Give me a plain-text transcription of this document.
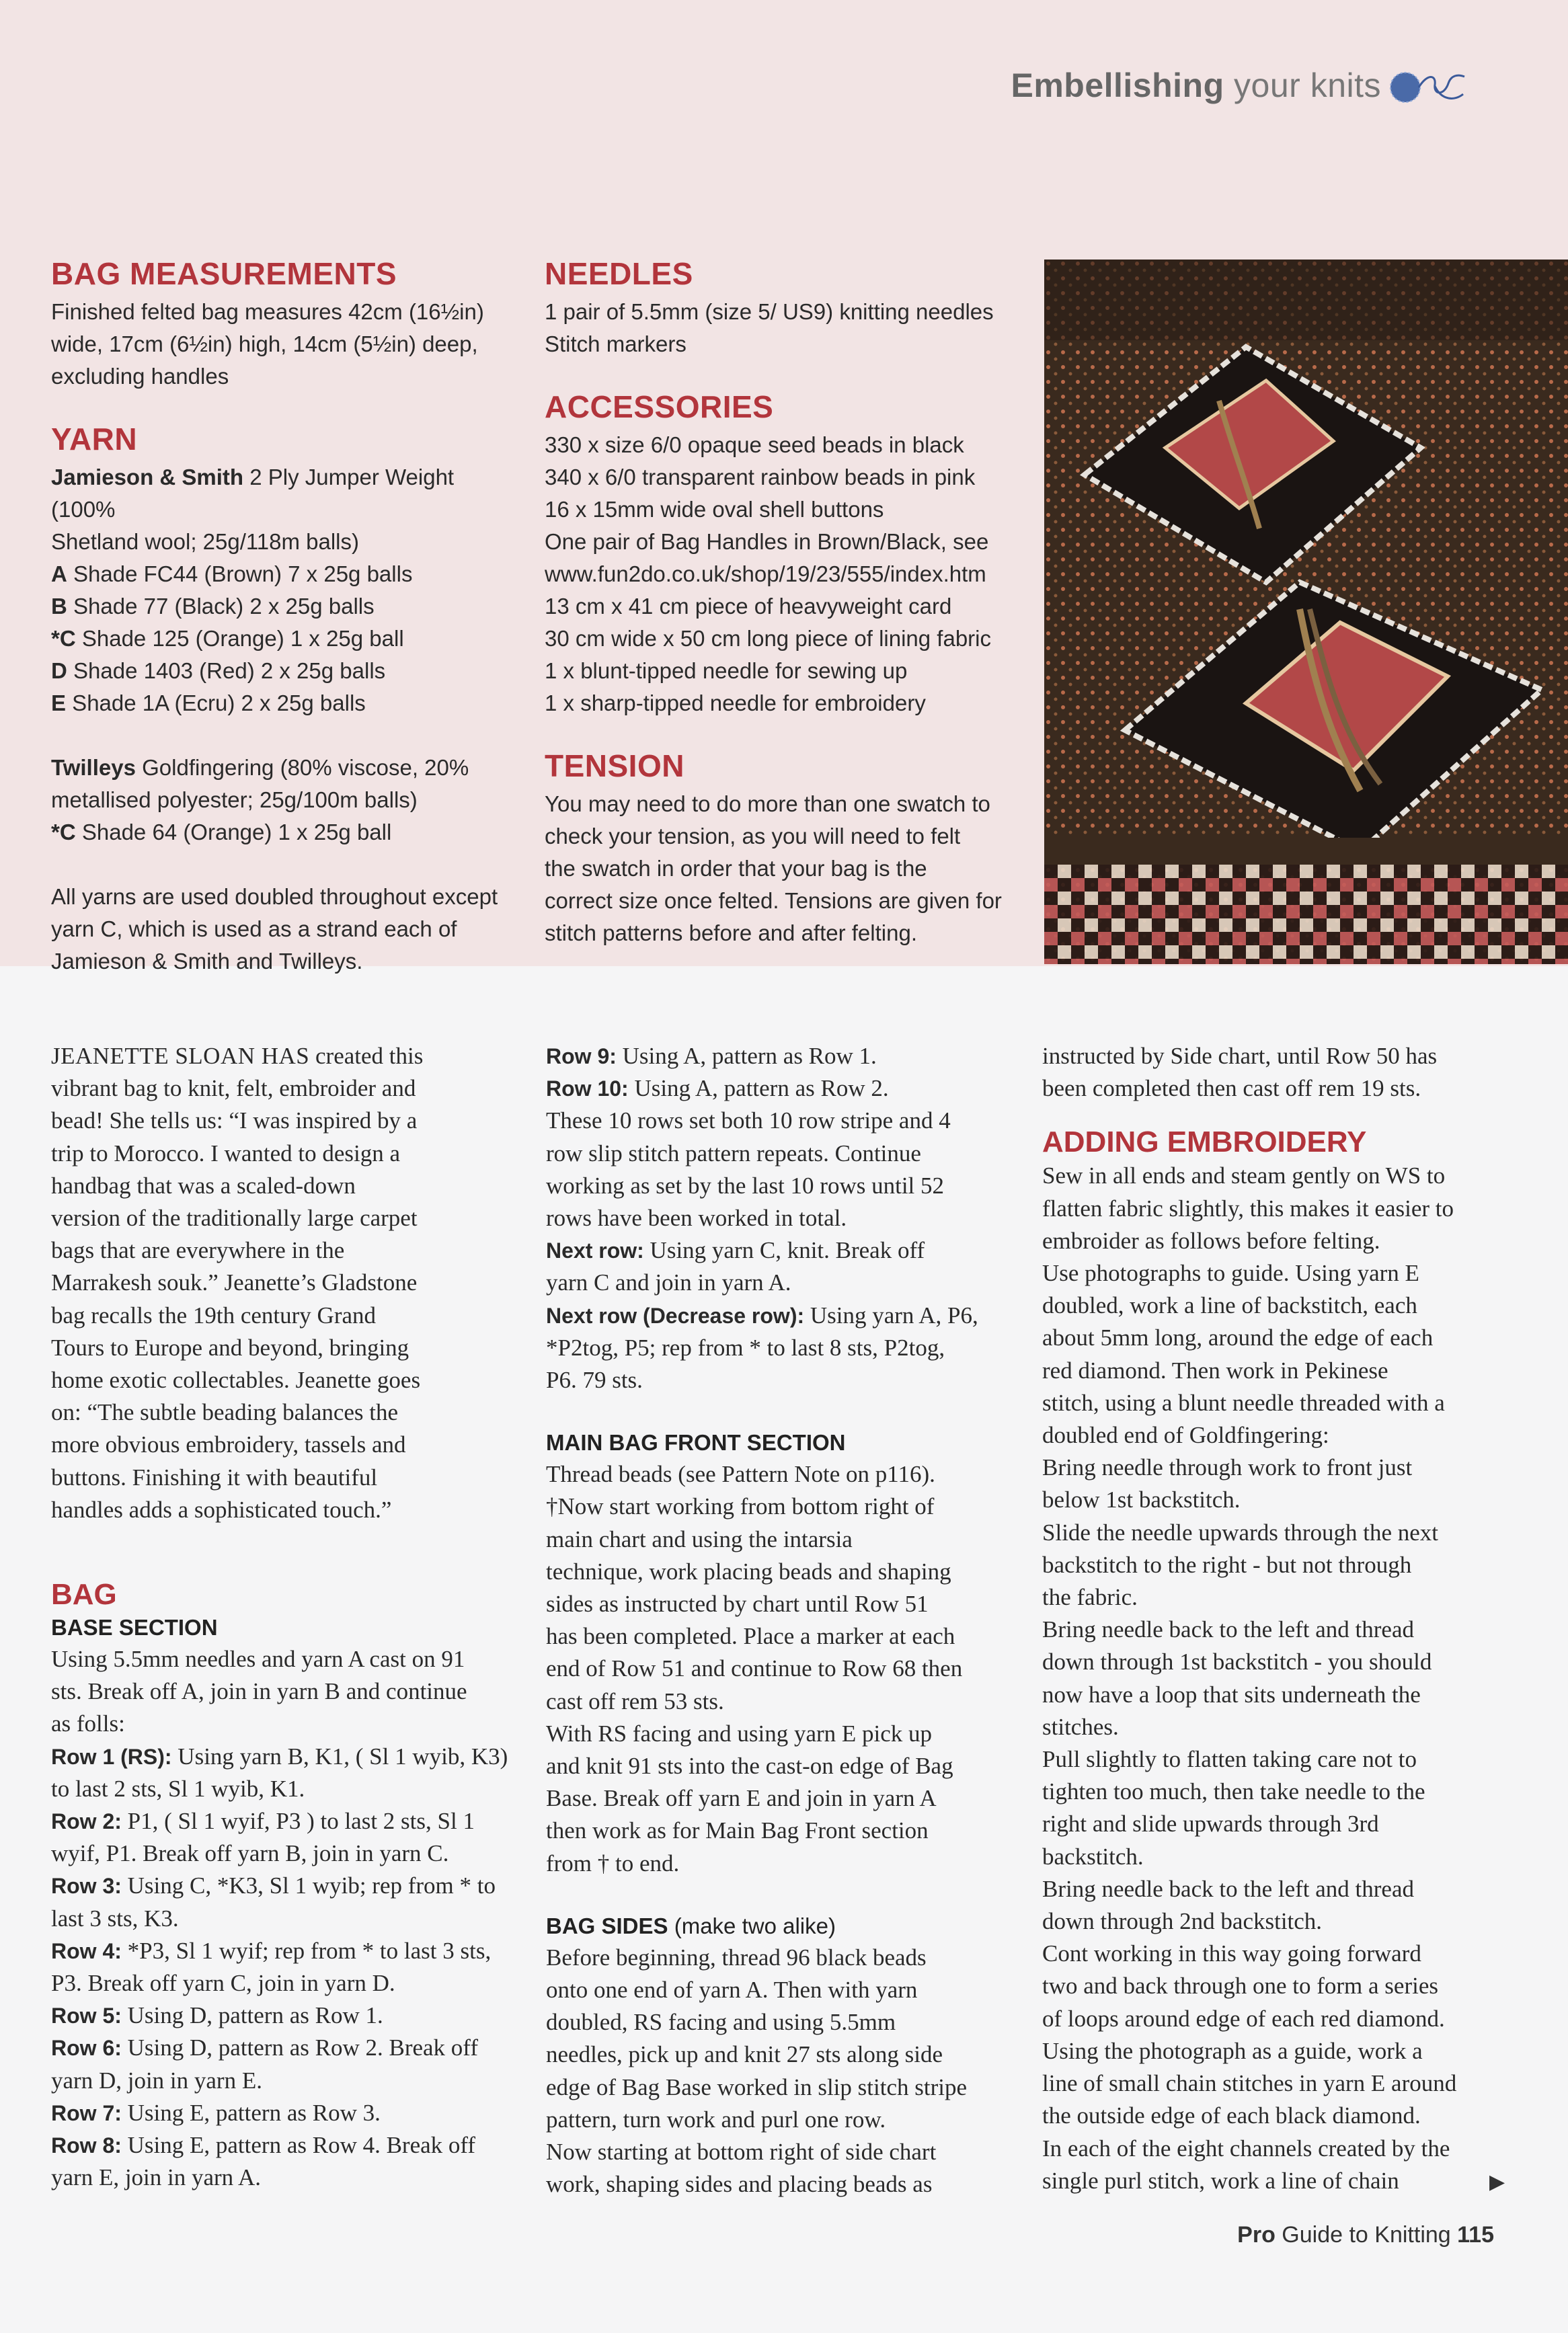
Embellishing your knits
BAG MEASUREMENTS

Finished felted bag measures 42cm (16½in)

wide, 17cm (6½in) high, 14cm (5½in) deep,

excluding handles

YARN

Jamieson & Smith 2 Ply Jumper Weight (100%

Shetland wool; 25g/118m balls)

A Shade FC44 (Brown) 7 x 25g balls

B Shade 77 (Black) 2 x 25g balls

*C Shade 125 (Orange) 1 x 25g ball

D Shade 1403 (Red) 2 x 25g balls

E Shade 1A (Ecru) 2 x 25g balls

Twilleys Goldfingering (80% viscose, 20%

metallised polyester; 25g/100m balls)

*C Shade 64 (Orange) 1 x 25g ball

All yarns are used doubled throughout except

yarn C, which is used as a strand each of

Jamieson & Smith and Twilleys.

NEEDLES

1 pair of 5.5mm (size 5/ US9) knitting needles

Stitch markers

ACCESSORIES

330 x size 6/0 opaque seed beads in black

340 x 6/0 transparent rainbow beads in pink

16 x 15mm wide oval shell buttons

One pair of Bag Handles in Brown/Black, see

www.fun2do.co.uk/shop/19/23/555/index.htm

13 cm x 41 cm piece of heavyweight card

30 cm wide x 50 cm long piece of lining fabric

1 x blunt-tipped needle for sewing up

1 x sharp-tipped needle for embroidery

TENSION

You may need to do more than one swatch to

check your tension, as you will need to felt

the swatch in order that your bag is the

correct size once felted. Tensions are given for

stitch patterns before and after felting.

JEANETTE SLOAN HAS created this

vibrant bag to knit, felt, embroider and

bead! She tells us: “I was inspired by a

trip to Morocco. I wanted to design a

handbag that was a scaled-down

version of the traditionally large carpet

bags that are everywhere in the

Marrakesh souk.” Jeanette’s Gladstone

bag recalls the 19th century Grand

Tours to Europe and beyond, bringing

home exotic collectables. Jeanette goes

on: “The subtle beading balances the

more obvious embroidery, tassels and

buttons. Finishing it with beautiful

handles adds a sophisticated touch.”

BAG
BASE SECTION

Using 5.5mm needles and yarn A cast on 91

sts. Break off A, join in yarn B and continue

as folls:

Row 1 (RS): Using yarn B, K1, ( Sl 1 wyib, K3)

to last 2 sts, Sl 1 wyib, K1.

Row 2: P1, ( Sl 1 wyif, P3 ) to last 2 sts, Sl 1

wyif, P1. Break off yarn B, join in yarn C.

Row 3: Using C, *K3, Sl 1 wyib; rep from * to

last 3 sts, K3.

Row 4: *P3, Sl 1 wyif; rep from * to last 3 sts,

P3. Break off yarn C, join in yarn D.

Row 5: Using D, pattern as Row 1.

Row 6: Using D, pattern as Row 2. Break off

yarn D, join in yarn E.

Row 7: Using E, pattern as Row 3.

Row 8: Using E, pattern as Row 4. Break off

yarn E, join in yarn A.

Row 9: Using A, pattern as Row 1.

Row 10: Using A, pattern as Row 2.

These 10 rows set both 10 row stripe and 4

row slip stitch pattern repeats. Continue

working as set by the last 10 rows until 52

rows have been worked in total.

Next row: Using yarn C, knit. Break off

yarn C and join in yarn A.

Next row (Decrease row): Using yarn A, P6,

*P2tog, P5; rep from * to last 8 sts, P2tog,

P6. 79 sts.

MAIN BAG FRONT SECTION

Thread beads (see Pattern Note on p116).

†Now start working from bottom right of

main chart and using the intarsia

technique, work placing beads and shaping

sides as instructed by chart until Row 51

has been completed. Place a marker at each

end of Row 51 and continue to Row 68 then

cast off rem 53 sts.

With RS facing and using yarn E pick up

and knit 91 sts into the cast-on edge of Bag

Base. Break off yarn E and join in yarn A

then work as for Main Bag Front section

from † to end.

BAG SIDES (make two alike)

Before beginning, thread 96 black beads

onto one end of yarn A. Then with yarn

doubled, RS facing and using 5.5mm

needles, pick up and knit 27 sts along side

edge of Bag Base worked in slip stitch stripe

pattern, turn work and purl one row.

Now starting at bottom right of side chart

work, shaping sides and placing beads as

instructed by Side chart, until Row 50 has

been completed then cast off rem 19 sts.

ADDING EMBROIDERY

Sew in all ends and steam gently on WS to

flatten fabric slightly, this makes it easier to

embroider as follows before felting.

Use photographs to guide. Using yarn E

doubled, work a line of backstitch, each

about 5mm long, around the edge of each

red diamond. Then work in Pekinese

stitch, using a blunt needle threaded with a

doubled end of Goldfingering:

Bring needle through work to front just

below 1st backstitch.

Slide the needle upwards through the next

backstitch to the right - but not through

the fabric.

Bring needle back to the left and thread

down through 1st backstitch - you should

now have a loop that sits underneath the

stitches.

Pull slightly to flatten taking care not to

tighten too much, then take needle to the

right and slide upwards through 3rd

backstitch.

Bring needle back to the left and thread

down through 2nd backstitch.

Cont working in this way going forward

two and back through one to form a series

of loops around edge of each red diamond.

Using the photograph as a guide, work a

line of small chain stitches in yarn E around

the outside edge of each black diamond.

In each of the eight channels created by the

single purl stitch, work a line of chain	▶
Pro Guide to Knitting 115
